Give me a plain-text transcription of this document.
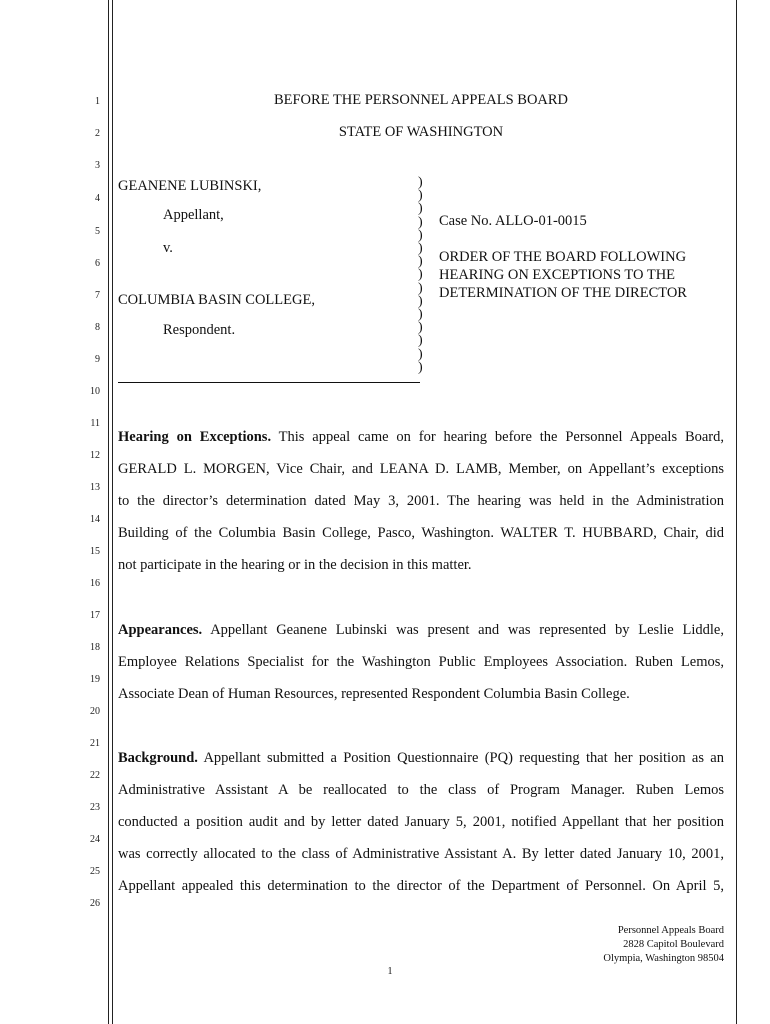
1
2
3
4
5
6
7
8
9
10
11
12
13
14
15
16
17
18
19
20
21
22
23
24
25
26
BEFORE THE PERSONNEL APPEALS BOARD
STATE OF WASHINGTON
GEANENE LUBINSKI,
Appellant,
v.
COLUMBIA BASIN COLLEGE,
Respondent.
)
)
)
)
)
)
)
)
)
)
)
)
)
)
)
Case No. ALLO-01-0015
ORDER OF THE BOARD FOLLOWING
HEARING ON EXCEPTIONS TO THE
DETERMINATION OF THE DIRECTOR
Hearing on Exceptions. This appeal came on for hearing before the Personnel Appeals Board,
GERALD L. MORGEN, Vice Chair, and LEANA D. LAMB, Member, on Appellant’s exceptions
to the director’s determination dated May 3, 2001. The hearing was held in the Administration
Building of the Columbia Basin College, Pasco, Washington. WALTER T. HUBBARD, Chair, did
not participate in the hearing or in the decision in this matter.
Appearances. Appellant Geanene Lubinski was present and was represented by Leslie Liddle,
Employee Relations Specialist for the Washington Public Employees Association. Ruben Lemos,
Associate Dean of Human Resources, represented Respondent Columbia Basin College.
Background. Appellant submitted a Position Questionnaire (PQ) requesting that her position as an
Administrative Assistant A be reallocated to the class of Program Manager. Ruben Lemos
conducted a position audit and by letter dated January 5, 2001, notified Appellant that her position
was correctly allocated to the class of Administrative Assistant A. By letter dated January 10, 2001,
Appellant appealed this determination to the director of the Department of Personnel. On April 5,
Personnel Appeals Board
2828 Capitol Boulevard
Olympia, Washington 98504
1
